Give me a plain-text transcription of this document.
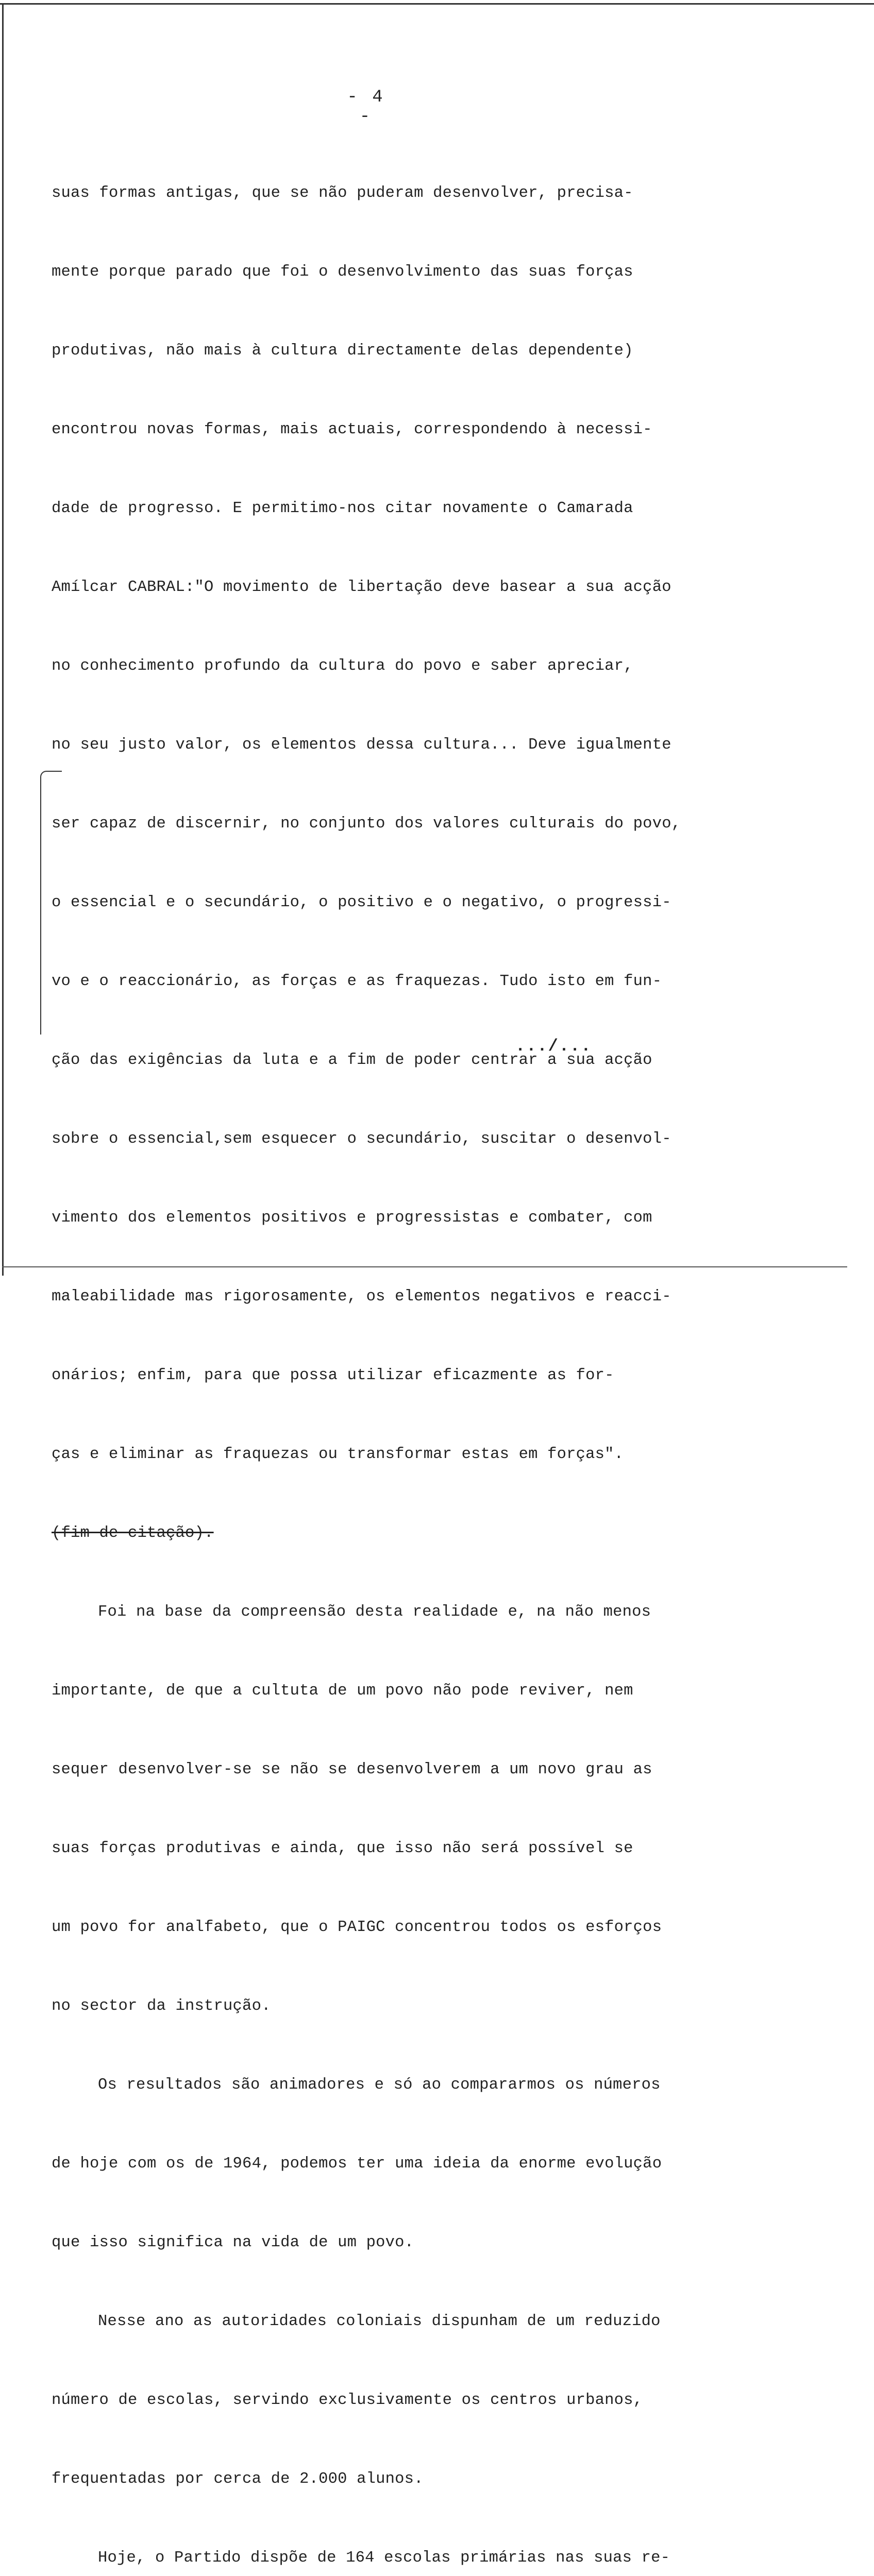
- 4 -

suas formas antigas, que se não puderam desenvolver, precisa-

mente porque parado que foi o desenvolvimento das suas forças

produtivas, não mais à cultura directamente delas dependente)

encontrou novas formas, mais actuais, correspondendo à necessi-

dade de progresso. E permitimo-nos citar novamente o Camarada

Amílcar CABRAL:"O movimento de libertação deve basear a sua acção

no conhecimento profundo da cultura do povo e saber apreciar,

no seu justo valor, os elementos dessa cultura... Deve igualmente

ser capaz de discernir, no conjunto dos valores culturais do povo,

o essencial e o secundário, o positivo e o negativo, o progressi-

vo e o reaccionário, as forças e as fraquezas. Tudo isto em fun-

ção das exigências da luta e a fim de poder centrar a sua acção

sobre o essencial,sem esquecer o secundário, suscitar o desenvol-

vimento dos elementos positivos e progressistas e combater, com

maleabilidade mas rigorosamente, os elementos negativos e reacci-

onários; enfim, para que possa utilizar eficazmente as for-

ças e eliminar as fraquezas ou transformar estas em forças".

(fim de citação).

Foi na base da compreensão desta realidade e, na não menos

importante, de que a cultuta de um povo não pode reviver, nem

sequer desenvolver-se se não se desenvolverem a um novo grau as

suas forças produtivas e ainda, que isso não será possível se

um povo for analfabeto, que o PAIGC concentrou todos os esforços

no sector da instrução.

Os resultados são animadores e só ao compararmos os números

de hoje com os de 1964, podemos ter uma ideia da enorme evolução

que isso significa na vida de um povo.

Nesse ano as autoridades coloniais dispunham de um reduzido

número de escolas, servindo exclusivamente os centros urbanos,

frequentadas por cerca de 2.000 alunos.

Hoje, o Partido dispõe de 164 escolas primárias nas suas re-

.../...
